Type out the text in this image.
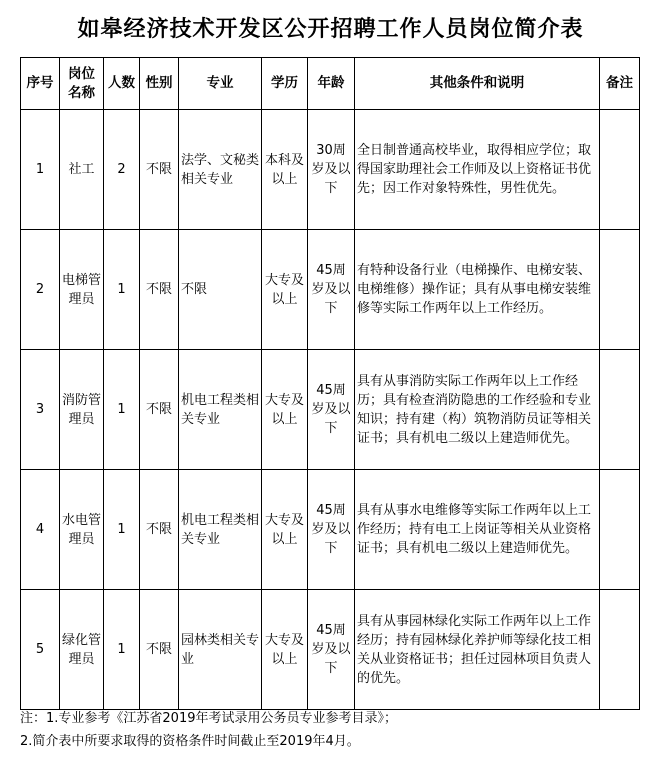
如皋经济技术开发区公开招聘工作人员岗位简介表
序号	岗位名称	人数	性别	专业	学历	年龄	其他条件和说明	备注
1	社工	2	不限	法学、文秘类相关专业	本科及以上	30周岁及以下	全日制普通高校毕业，取得相应学位；取得国家助理社会工作师及以上资格证书优先；因工作对象特殊性，男性优先。	
2	电梯管理员	1	不限	不限	大专及以上	45周岁及以下	有特种设备行业（电梯操作、电梯安装、电梯维修）操作证；具有从事电梯安装维修等实际工作两年以上工作经历。	
3	消防管理员	1	不限	机电工程类相关专业	大专及以上	45周岁及以下	具有从事消防实际工作两年以上工作经历；具有检查消防隐患的工作经验和专业知识；持有建（构）筑物消防员证等相关证书；具有机电二级以上建造师优先。	
4	水电管理员	1	不限	机电工程类相关专业	大专及以上	45周岁及以下	具有从事水电维修等实际工作两年以上工作经历；持有电工上岗证等相关从业资格证书；具有机电二级以上建造师优先。	
5	绿化管理员	1	不限	园林类相关专业	大专及以上	45周岁及以下	具有从事园林绿化实际工作两年以上工作经历；持有园林绿化养护师等绿化技工相关从业资格证书；担任过园林项目负责人的优先。	
注：1.专业参考《江苏省2019年考试录用公务员专业参考目录》；
2.简介表中所要求取得的资格条件时间截止至2019年4月。
